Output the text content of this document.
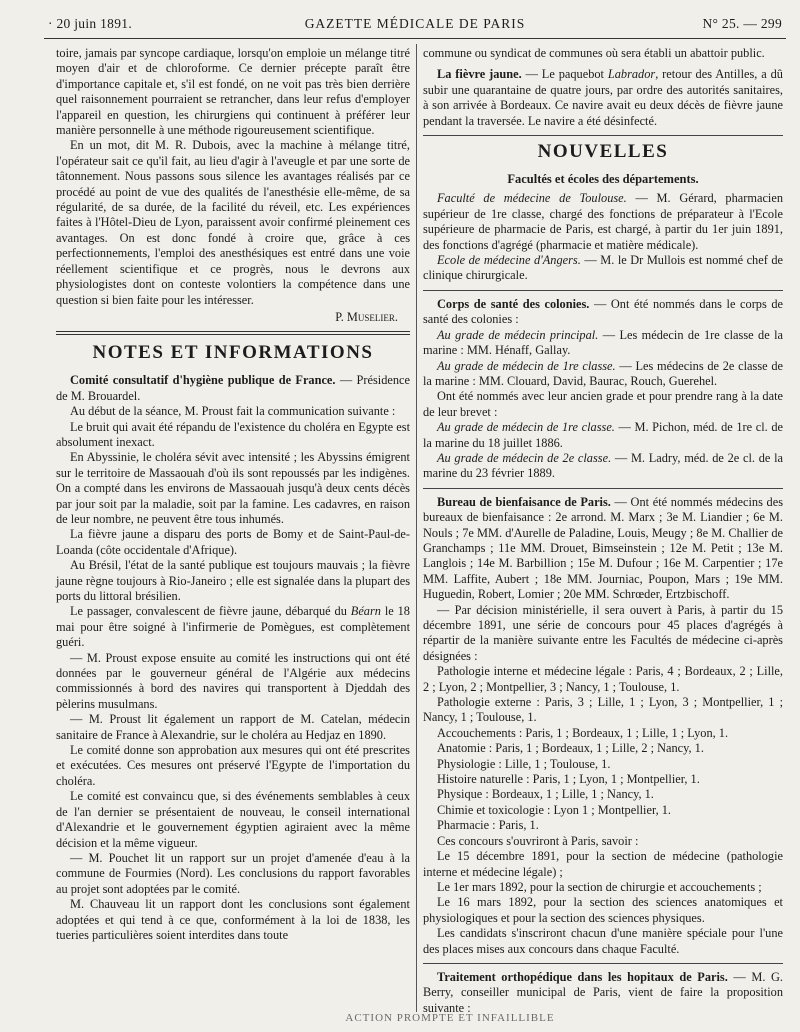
· 20 juin 1891.	GAZETTE MÉDICALE DE PARIS	N° 25. — 299

toire, jamais par syncope cardiaque, lorsqu'on emploie un mélange titré moyen d'air et de chloroforme. Ce dernier précepte paraît être d'importance capitale et, s'il est fondé, on ne voit pas très bien derrière quel raisonnement pourraient se retrancher, dans leur refus d'employer l'appareil en question, les chirurgiens qui continuent à préférer leur manière personnelle à une méthode rigoureusement scientifique.

En un mot, dit M. R. Dubois, avec la machine à mélange titré, l'opérateur sait ce qu'il fait, au lieu d'agir à l'aveugle et par une sorte de tâtonnement. Nous passons sous silence les avantages réalisés par ce procédé au point de vue des qualités de l'anesthésie elle-même, de sa régularité, de sa durée, de la facilité du réveil, etc. Les expériences faites à l'Hôtel-Dieu de Lyon, paraissent avoir confirmé pleinement ces avantages. On est donc fondé à croire que, grâce à ces perfectionnements, l'emploi des anesthésiques est entré dans une voie réellement scientifique et ce progrès, nous le devrons aux physiologistes dont on conteste volontiers la compétence dans une question si bien faite pour les intéresser.

P. Muselier.

NOTES ET INFORMATIONS

Comité consultatif d'hygiène publique de France. — Présidence de M. Brouardel.

Au début de la séance, M. Proust fait la communication suivante :

Le bruit qui avait été répandu de l'existence du choléra en Egypte est absolument inexact.

En Abyssinie, le choléra sévit avec intensité ; les Abyssins émigrent sur le territoire de Massaouah d'où ils sont repoussés par les indigènes. On a compté dans les environs de Massaouah jusqu'à deux cents décès par jour soit par la maladie, soit par la famine. Les cadavres, en raison de leur nombre, ne peuvent être tous inhumés.

La fièvre jaune a disparu des ports de Bomy et de Saint-Paul-de-Loanda (côte occidentale d'Afrique).

Au Brésil, l'état de la santé publique est toujours mauvais ; la fièvre jaune règne toujours à Rio-Janeiro ; elle est signalée dans la plupart des ports du littoral brésilien.

Le passager, convalescent de fièvre jaune, débarqué du Béarn le 18 mai pour être soigné à l'infirmerie de Pomègues, est complètement guéri.

— M. Proust expose ensuite au comité les instructions qui ont été données par le gouverneur général de l'Algérie aux médecins commissionnés à bord des navires qui transportent à Djeddah des pèlerins musulmans.

— M. Proust lit également un rapport de M. Catelan, médecin sanitaire de France à Alexandrie, sur le choléra au Hedjaz en 1890.

Le comité donne son approbation aux mesures qui ont été prescrites et exécutées. Ces mesures ont préservé l'Egypte de l'importation du choléra.

Le comité est convaincu que, si des événements semblables à ceux de l'an dernier se présentaient de nouveau, le conseil international d'Alexandrie et le gouvernement égyptien agiraient avec la même décision et la même vigueur.

— M. Pouchet lit un rapport sur un projet d'amenée d'eau à la commune de Fourmies (Nord). Les conclusions du rapport favorables au projet sont adoptées par le comité.

M. Chauveau lit un rapport dont les conclusions sont également adoptées et qui tend à ce que, conformément à la loi de 1838, les tueries particulières soient interdites dans toute

commune ou syndicat de communes où sera établi un abattoir public.

La fièvre jaune. — Le paquebot Labrador, retour des Antilles, a dû subir une quarantaine de quatre jours, par ordre des autorités sanitaires, à son arrivée à Bordeaux. Ce navire avait eu deux décès de fièvre jaune pendant la traversée. Le navire a été désinfecté.

NOUVELLES
Facultés et écoles des départements.

Faculté de médecine de Toulouse. — M. Gérard, pharmacien supérieur de 1re classe, chargé des fonctions de préparateur à l'Ecole supérieure de pharmacie de Paris, est chargé, à partir du 1er juin 1891, des fonctions d'agrégé (pharmacie et matière médicale).

Ecole de médecine d'Angers. — M. le Dr Mullois est nommé chef de clinique chirurgicale.

Corps de santé des colonies. — Ont été nommés dans le corps de santé des colonies :

Au grade de médecin principal. — Les médecin de 1re classe de la marine : MM. Hénaff, Gallay.

Au grade de médecin de 1re classe. — Les médecins de 2e classe de la marine : MM. Clouard, David, Baurac, Rouch, Guerehel.

Ont été nommés avec leur ancien grade et pour prendre rang à la date de leur brevet :

Au grade de médecin de 1re classe. — M. Pichon, méd. de 1re cl. de la marine du 18 juillet 1886.

Au grade de médecin de 2e classe. — M. Ladry, méd. de 2e cl. de la marine du 23 février 1889.

Bureau de bienfaisance de Paris. — Ont été nommés médecins des bureaux de bienfaisance : 2e arrond. M. Marx ; 3e M. Liandier ; 6e M. Nouls ; 7e MM. d'Aurelle de Paladine, Louis, Meugy ; 8e M. Challier de Granchamps ; 11e MM. Drouet, Bimseinstein ; 12e M. Petit ; 13e M. Langlois ; 14e M. Barbillion ; 15e M. Dufour ; 16e M. Carpentier ; 17e MM. Laffite, Aubert ; 18e MM. Journiac, Poupon, Mars ; 19e MM. Huguedin, Robert, Lomier ; 20e MM. Schrœder, Ertzbischoff.

— Par décision ministérielle, il sera ouvert à Paris, à partir du 15 décembre 1891, une série de concours pour 45 places d'agrégés à répartir de la manière suivante entre les Facultés de médecine ci-après désignées :

Pathologie interne et médecine légale : Paris, 4 ; Bordeaux, 2 ; Lille, 2 ; Lyon, 2 ; Montpellier, 3 ; Nancy, 1 ; Toulouse, 1.

Pathologie externe : Paris, 3 ; Lille, 1 ; Lyon, 3 ; Montpellier, 1 ; Nancy, 1 ; Toulouse, 1.

Accouchements : Paris, 1 ; Bordeaux, 1 ; Lille, 1 ; Lyon, 1.

Anatomie : Paris, 1 ; Bordeaux, 1 ; Lille, 2 ; Nancy, 1.

Physiologie : Lille, 1 ; Toulouse, 1.

Histoire naturelle : Paris, 1 ; Lyon, 1 ; Montpellier, 1.

Physique : Bordeaux, 1 ; Lille, 1 ; Nancy, 1.

Chimie et toxicologie : Lyon 1 ; Montpellier, 1.

Pharmacie : Paris, 1.

Ces concours s'ouvriront à Paris, savoir :

Le 15 décembre 1891, pour la section de médecine (pathologie interne et médecine légale) ;

Le 1er mars 1892, pour la section de chirurgie et accouchements ;

Le 16 mars 1892, pour la section des sciences anatomiques et physiologiques et pour la section des sciences physiques.

Les candidats s'inscriront chacun d'une manière spéciale pour l'une des places mises aux concours dans chaque Faculté.

Traitement orthopédique dans les hopitaux de Paris. — M. G. Berry, conseiller municipal de Paris, vient de faire la proposition suivante :

ACTION PROMPTE ET INFAILLIBLE
